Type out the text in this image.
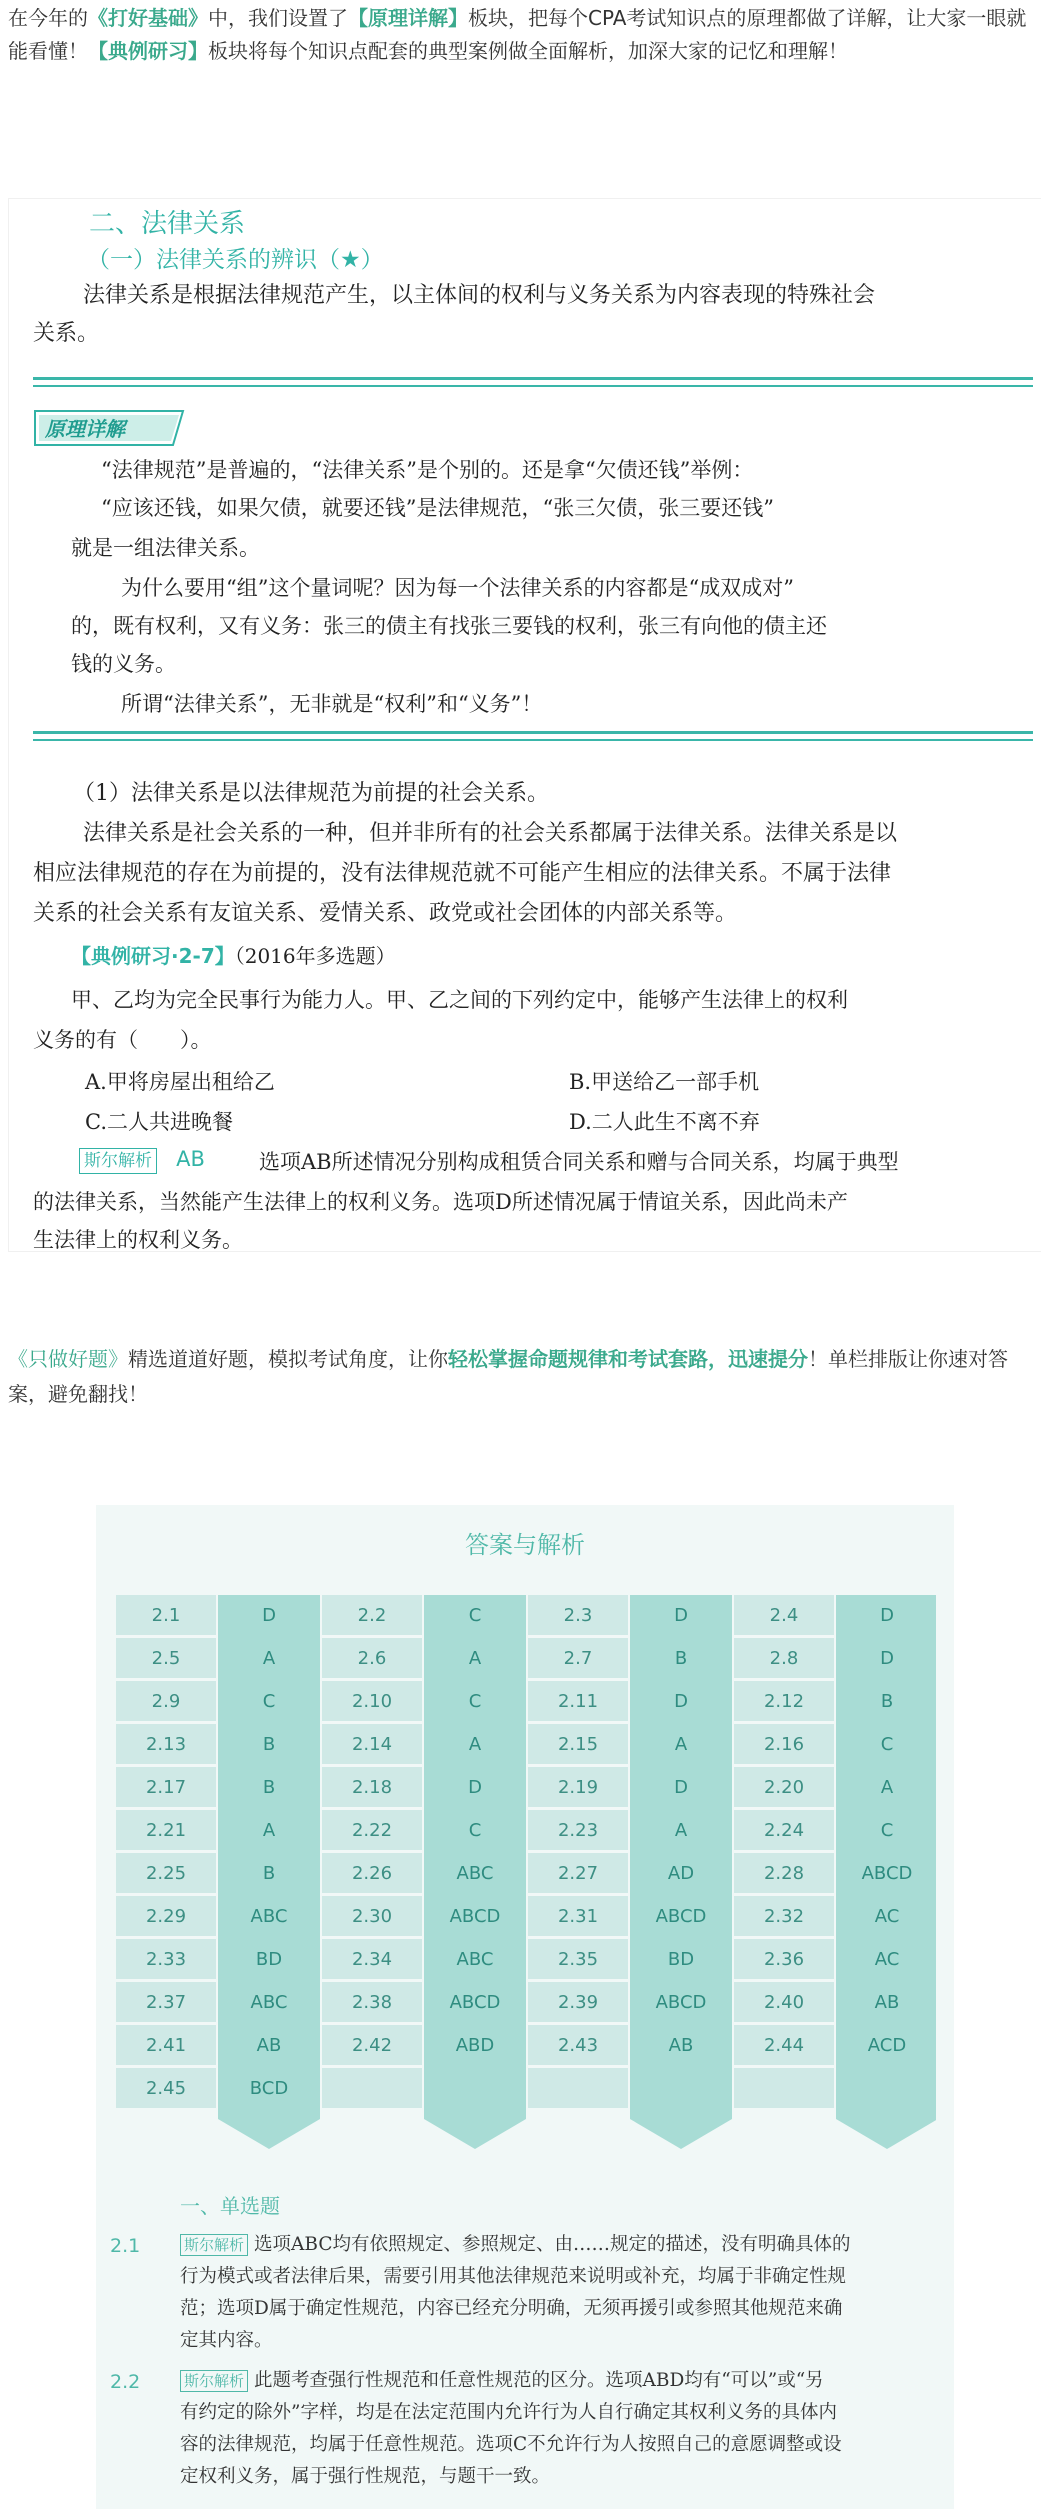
在今年的《打好基础》中，我们设置了【原理详解】板块，把每个CPA考试知识点的原理都做了详解，让大家一眼就能看懂！【典例研习】板块将每个知识点配套的典型案例做全面解析，加深大家的记忆和理解！
二、法律关系
（一）法律关系的辨识（★）
法律关系是根据法律规范产生，以主体间的权利与义务关系为内容表现的特殊社会
关系。
原理详解
“法律规范”是普遍的，“法律关系”是个别的。还是拿“欠债还钱”举例：
“应该还钱，如果欠债，就要还钱”是法律规范，“张三欠债，张三要还钱”
就是一组法律关系。
为什么要用“组”这个量词呢？因为每一个法律关系的内容都是“成双成对”
的，既有权利，又有义务：张三的债主有找张三要钱的权利，张三有向他的债主还
钱的义务。
所谓“法律关系”，无非就是“权利”和“义务”！
（1）法律关系是以法律规范为前提的社会关系。
法律关系是社会关系的一种，但并非所有的社会关系都属于法律关系。法律关系是以
相应法律规范的存在为前提的，没有法律规范就不可能产生相应的法律关系。不属于法律
关系的社会关系有友谊关系、爱情关系、政党或社会团体的内部关系等。
【典例研习·2-7】（2016年多选题）
甲、乙均为完全民事行为能力人。甲、乙之间的下列约定中，能够产生法律上的权利
义务的有（　　）。
A.甲将房屋出租给乙	B.甲送给乙一部手机
C.二人共进晚餐	D.二人此生不离不弃
斯尔解析 AB	选项AB所述情况分别构成租赁合同关系和赠与合同关系，均属于典型
的法律关系，当然能产生法律上的权利义务。选项D所述情况属于情谊关系，因此尚未产
生法律上的权利义务。
《只做好题》精选道道好题，模拟考试角度，让你轻松掌握命题规律和考试套路，迅速提分！单栏排版让你速对答案，避免翻找！
答案与解析
2.1	D	2.2	C	2.3	D	2.4	D
2.5	A	2.6	A	2.7	B	2.8	D
2.9	C	2.10	C	2.11	D	2.12	B
2.13	B	2.14	A	2.15	A	2.16	C
2.17	B	2.18	D	2.19	D	2.20	A
2.21	A	2.22	C	2.23	A	2.24	C
2.25	B	2.26	ABC	2.27	AD	2.28	ABCD
2.29	ABC	2.30	ABCD	2.31	ABCD	2.32	AC
2.33	BD	2.34	ABC	2.35	BD	2.36	AC
2.37	ABC	2.38	ABCD	2.39	ABCD	2.40	AB
2.41	AB	2.42	ABD	2.43	AB	2.44	ACD
2.45	BCD
一、单选题
2.1	斯尔解析 选项ABC均有依照规定、参照规定、由……规定的描述，没有明确具体的
行为模式或者法律后果，需要引用其他法律规范来说明或补充，均属于非确定性规
范；选项D属于确定性规范，内容已经充分明确，无须再援引或参照其他规范来确
定其内容。
2.2	斯尔解析 此题考查强行性规范和任意性规范的区分。选项ABD均有“可以”或“另
有约定的除外”字样，均是在法定范围内允许行为人自行确定其权利义务的具体内
容的法律规范，均属于任意性规范。选项C不允许行为人按照自己的意愿调整或设
定权利义务，属于强行性规范，与题干一致。
